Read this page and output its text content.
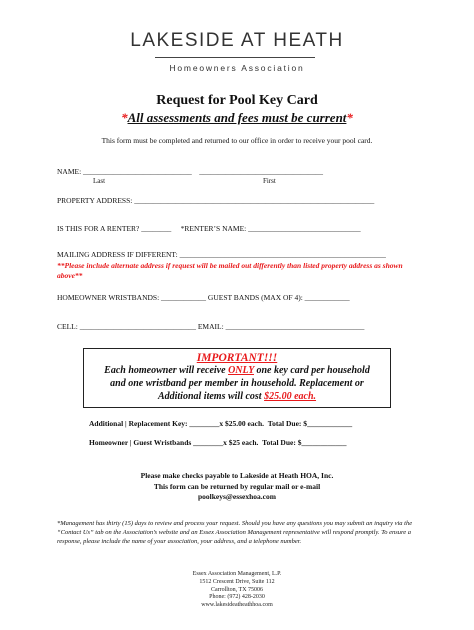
LAKESIDE AT HEATH
Homeowners Association
Request for Pool Key Card
*All assessments and fees must be current*
This form must be completed and returned to our office in order to receive your pool card.
NAME: _____________________________ _________________________________
Last	First
PROPERTY ADDRESS: ________________________________________________________________
IS THIS FOR A RENTER? ________ *RENTER’S NAME: ______________________________
MAILING ADDRESS IF DIFFERENT: _______________________________________________________
**Please include alternate address if request will be mailed out differently than listed property address as shown above**
HOMEOWNER WRISTBANDS: ____________ GUEST BANDS (MAX OF 4): ____________
CELL: _______________________________ EMAIL: _____________________________________
IMPORTANT!!!
Each homeowner will receive ONLY one key card per household
and one wristband per member in household. Replacement or
Additional items will cost $25.00 each.
Additional | Replacement Key: ________x $25.00 each. Total Due: $____________
Homeowner | Guest Wristbands ________x $25 each. Total Due: $____________
Please make checks payable to Lakeside at Heath HOA, Inc.
This form can be returned by regular mail or e-mail
poolkeys@essexhoa.com
*Management has thirty (15) days to review and process your request. Should you have any questions you may submit an inquiry via the “Contact Us” tab on the Association’s website and an Essex Association Management representative will respond promptly. To ensure a response, please include the name of your association, your address, and a telephone number.
Essex Association Management, L.P.
1512 Crescent Drive, Suite 112
Carrollton, TX 75006
Phone: (972) 428-2030
www.lakesideatheathhoa.com
